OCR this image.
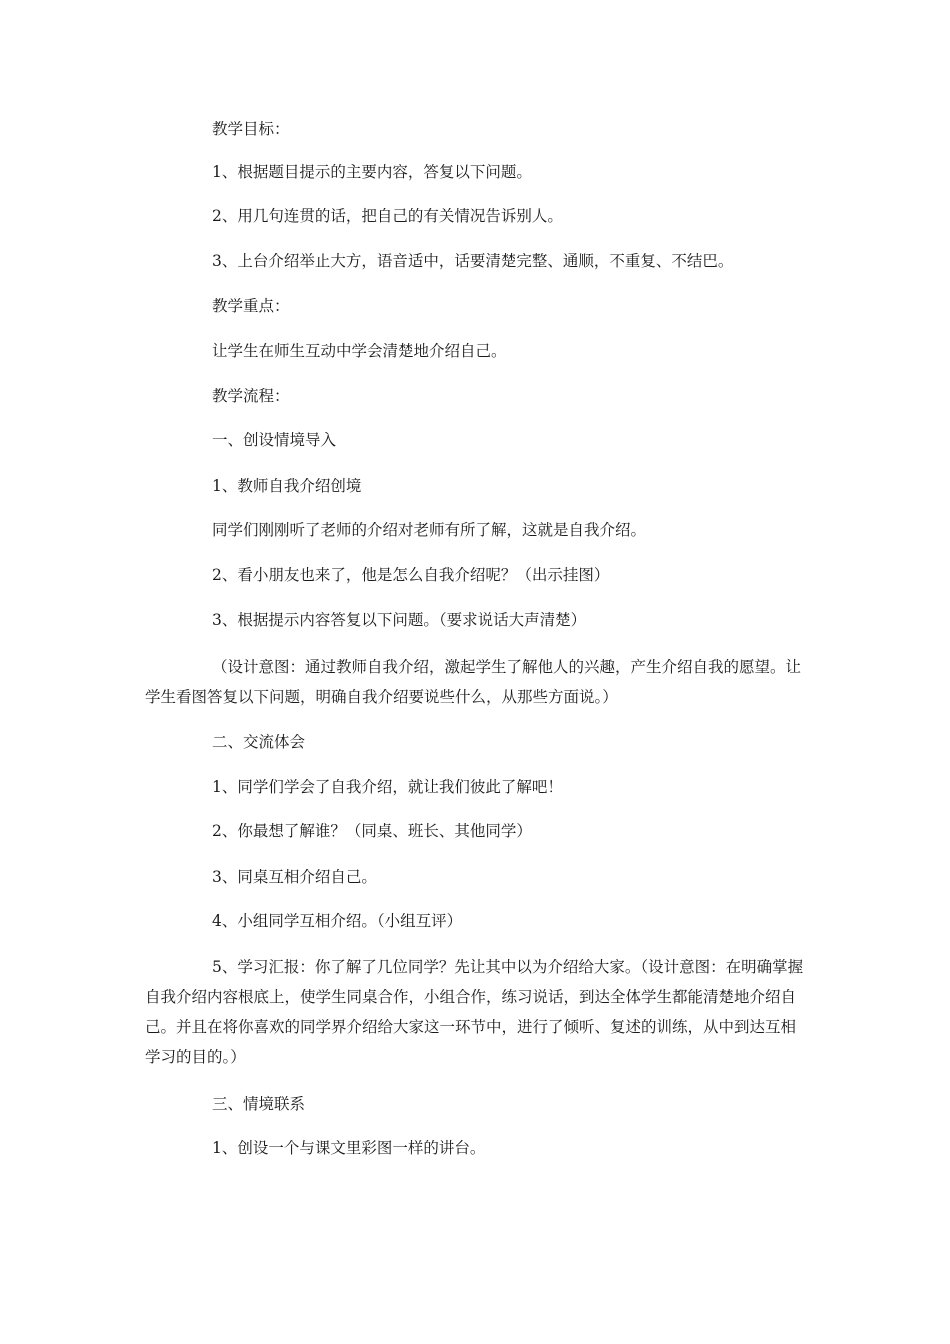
教学目标：

1、根据题目提示的主要内容，答复以下问题。

2、用几句连贯的话，把自己的有关情况告诉别人。

3、上台介绍举止大方，语音适中，话要清楚完整、通顺，不重复、不结巴。

教学重点：

让学生在师生互动中学会清楚地介绍自己。

教学流程：

一、创设情境导入

1、教师自我介绍创境

同学们刚刚听了老师的介绍对老师有所了解，这就是自我介绍。

2、看小朋友也来了，他是怎么自我介绍呢？（出示挂图）

3、根据提示内容答复以下问题。（要求说话大声清楚）

（设计意图：通过教师自我介绍，激起学生了解他人的兴趣，产生介绍自我的愿望。让学生看图答复以下问题，明确自我介绍要说些什么，从那些方面说。）

二、交流体会

1、同学们学会了自我介绍，就让我们彼此了解吧！

2、你最想了解谁？（同桌、班长、其他同学）

3、同桌互相介绍自己。

4、小组同学互相介绍。（小组互评）

5、学习汇报：你了解了几位同学？先让其中以为介绍给大家。（设计意图：在明确掌握自我介绍内容根底上，使学生同桌合作，小组合作，练习说话，到达全体学生都能清楚地介绍自己。并且在将你喜欢的同学界介绍给大家这一环节中，进行了倾听、复述的训练，从中到达互相学习的目的。）

三、情境联系

1、创设一个与课文里彩图一样的讲台。
